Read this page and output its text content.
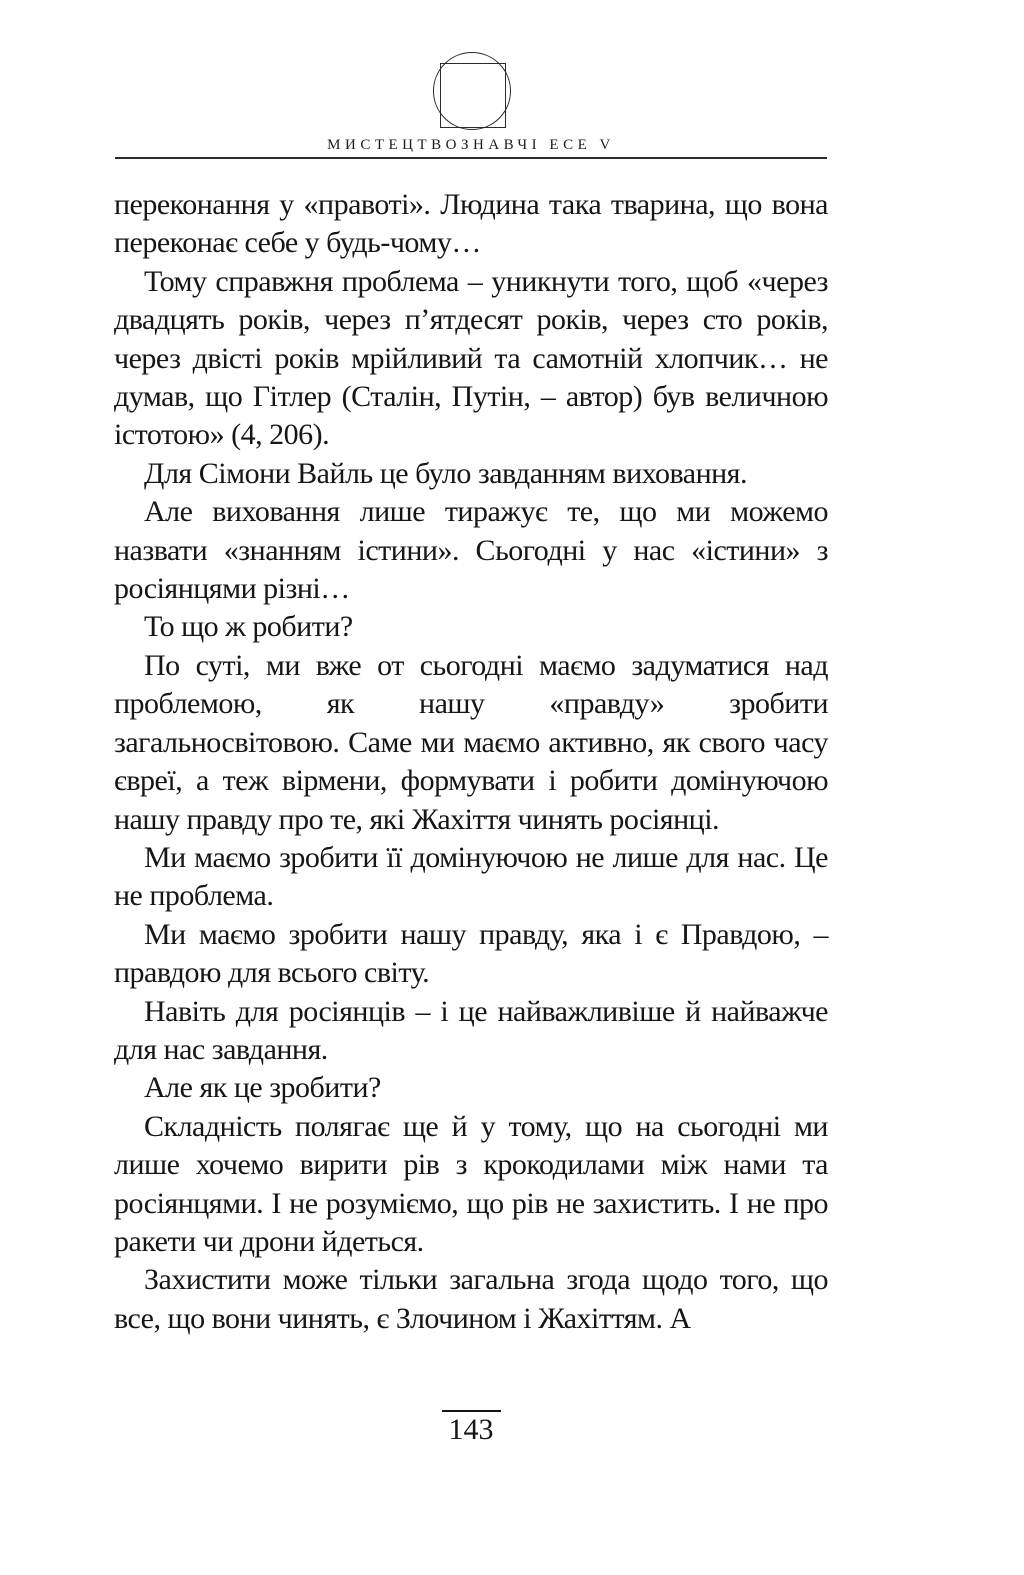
МИСТЕЦТВОЗНАВЧІ ЕСЕ V

переконання у «правоті». Людина така тварина, що вона переконає себе у будь-чому…

Тому справжня проблема – уникнути того, щоб «через двадцять років, через п’ятдесят років, через сто років, через двісті років мрійливий та самотній хлопчик… не думав, що Гітлер (Сталін, Путін, – автор) був величною істотою» (4, 206).

Для Сімони Вайль це було завданням виховання.

Але виховання лише тиражує те, що ми можемо назвати «знанням істини». Сьогодні у нас «істини» з росіянцями різні…

То що ж робити?

По суті, ми вже от сьогодні маємо задуматися над проблемою, як нашу «правду» зробити загальносвітовою. Саме ми маємо активно, як свого часу євреї, а теж вірмени, формувати і робити домінуючою нашу правду про те, які Жахіття чинять росіянці.

Ми маємо зробити її домінуючою не лише для нас. Це не проблема.

Ми маємо зробити нашу правду, яка і є Правдою, – правдою для всього світу.

Навіть для росіянців – і це найважливіше й найважче для нас завдання.

Але як це зробити?

Складність полягає ще й у тому, що на сьогодні ми лише хочемо вирити рів з крокодилами між нами та росіянцями. І не розуміємо, що рів не захистить. І не про ракети чи дрони йдеться.

Захистити може тільки загальна згода щодо того, що все, що вони чинять, є Злочином і Жахіттям. А

143
